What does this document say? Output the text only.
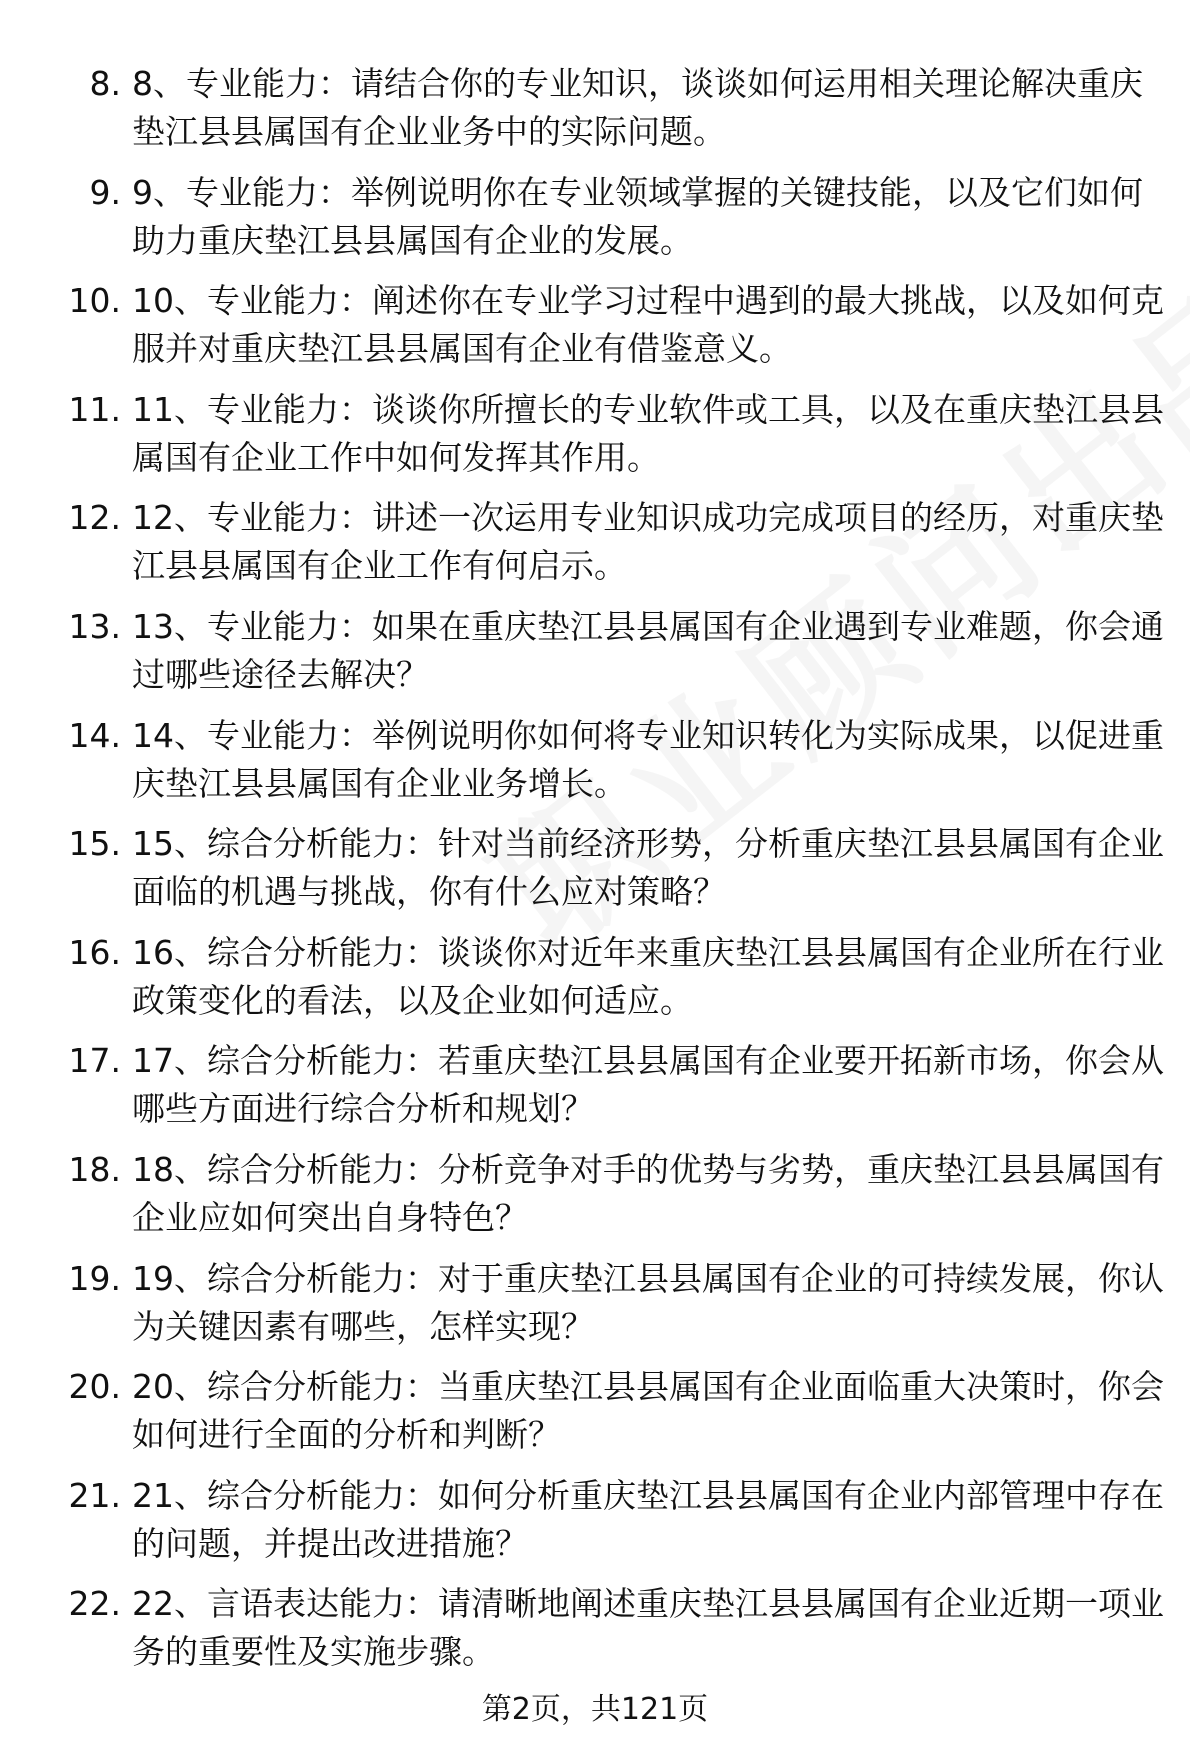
8. 8、专业能力：请结合你的专业知识，谈谈如何运用相关理论解决重庆垫江县县属国有企业业务中的实际问题。
9. 9、专业能力：举例说明你在专业领域掌握的关键技能，以及它们如何助力重庆垫江县县属国有企业的发展。
10. 10、专业能力：阐述你在专业学习过程中遇到的最大挑战，以及如何克服并对重庆垫江县县属国有企业有借鉴意义。
11. 11、专业能力：谈谈你所擅长的专业软件或工具，以及在重庆垫江县县属国有企业工作中如何发挥其作用。
12. 12、专业能力：讲述一次运用专业知识成功完成项目的经历，对重庆垫江县县属国有企业工作有何启示。
13. 13、专业能力：如果在重庆垫江县县属国有企业遇到专业难题，你会通过哪些途径去解决？
14. 14、专业能力：举例说明你如何将专业知识转化为实际成果，以促进重庆垫江县县属国有企业业务增长。
15. 15、综合分析能力：针对当前经济形势，分析重庆垫江县县属国有企业面临的机遇与挑战，你有什么应对策略？
16. 16、综合分析能力：谈谈你对近年来重庆垫江县县属国有企业所在行业政策变化的看法，以及企业如何适应。
17. 17、综合分析能力：若重庆垫江县县属国有企业要开拓新市场，你会从哪些方面进行综合分析和规划？
18. 18、综合分析能力：分析竞争对手的优势与劣势，重庆垫江县县属国有企业应如何突出自身特色？
19. 19、综合分析能力：对于重庆垫江县县属国有企业的可持续发展，你认为关键因素有哪些，怎样实现？
20. 20、综合分析能力：当重庆垫江县县属国有企业面临重大决策时，你会如何进行全面的分析和判断？
21. 21、综合分析能力：如何分析重庆垫江县县属国有企业内部管理中存在的问题，并提出改进措施？
22. 22、言语表达能力：请清晰地阐述重庆垫江县县属国有企业近期一项业务的重要性及实施步骤。
第2页，共121页
